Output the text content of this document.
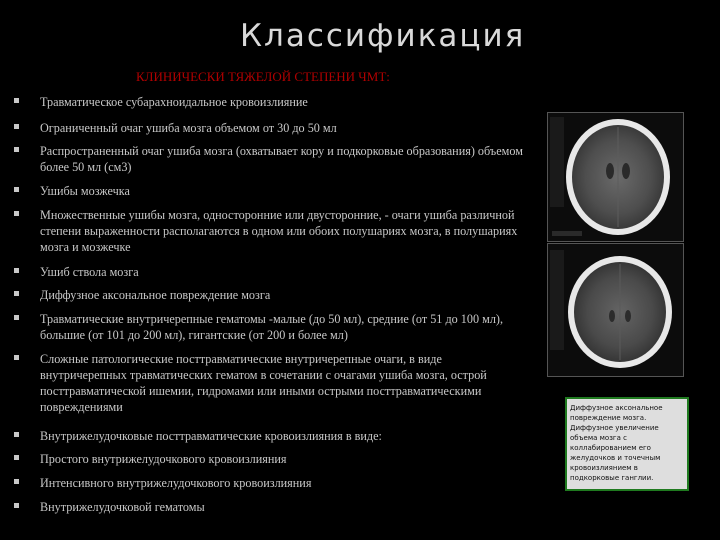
Классификация
КЛИНИЧЕСКИ ТЯЖЕЛОЙ СТЕПЕНИ ЧМТ:
Травматическое субарахноидальное кровоизлияние
Ограниченный очаг ушиба мозга объемом от 30 до 50 мл
Распространенный очаг ушиба мозга (охватывает кору и подкорковые образования) объемом более 50 мл (см3)
Ушибы мозжечка
Множественные ушибы мозга, односторонние или двусторонние, - очаги ушиба различной степени выраженности располагаются в одном или обоих полушариях мозга, в полушариях мозга и мозжечке
Ушиб ствола мозга
Диффузное аксональное повреждение мозга
Травматические внутричерепные гематомы -малые (до 50 мл), средние (от 51 до 100 мл), большие (от 101 до 200 мл), гигантские (от 200 и более мл)
Сложные патологические посттравматические внутричерепные очаги, в виде внутричерепных травматических гематом в сочетании с очагами ушиба мозга, острой посттравматической ишемии, гидромами или иными острыми посттравматическими повреждениями
Внутрижелудочковые посттравматические кровоизлияния в виде:
Простого внутрижелудочкового кровоизлияния
Интенсивного внутрижелудочкового кровоизлияния
Внутрижелудочковой гематомы
Диффузное аксональное повреждение мозга. Диффузное увеличение объема мозга с коллабированием его желудочков и точечным кровоизлиянием в подкорковые ганглии.
